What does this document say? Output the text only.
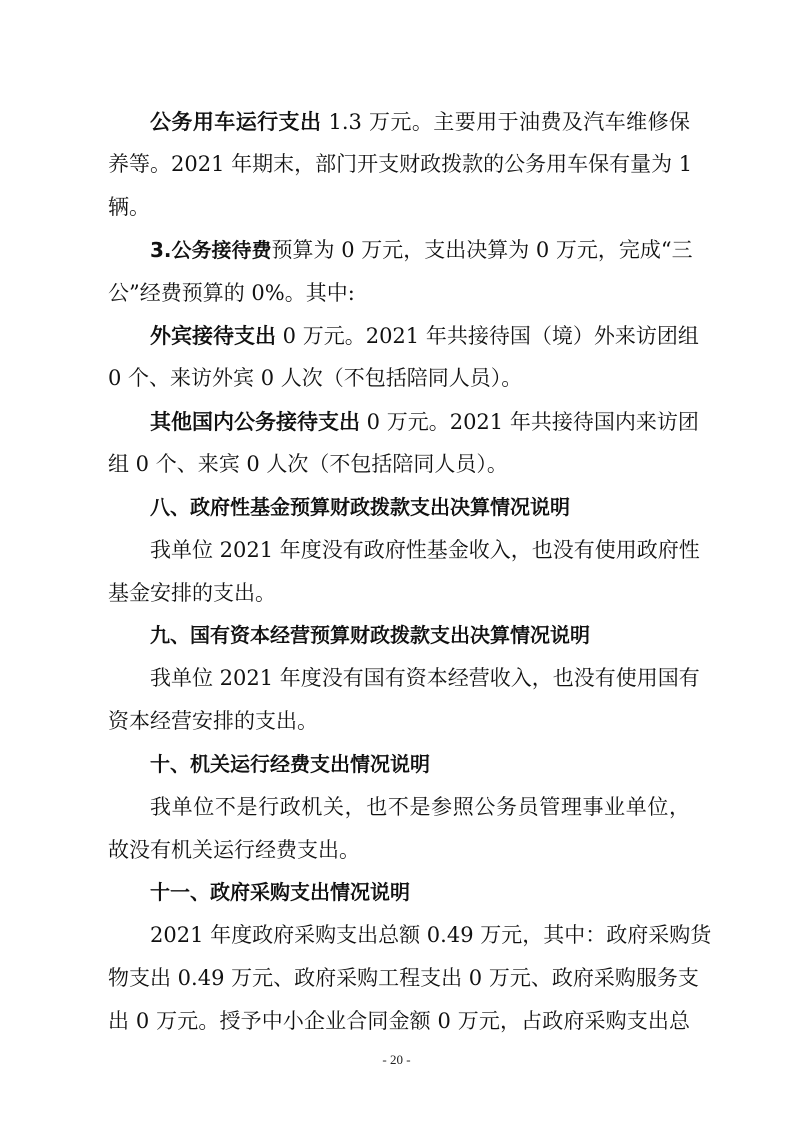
公务用车运行支出 1.3 万元。主要用于油费及汽车维修保
养等。2021 年期末，部门开支财政拨款的公务用车保有量为 1
辆。
3.公务接待费预算为 0 万元，支出决算为 0 万元，完成“三
公”经费预算的 0%。其中:
外宾接待支出 0 万元。2021 年共接待国（境）外来访团组
0 个、来访外宾 0 人次（不包括陪同人员）。
其他国内公务接待支出 0 万元。2021 年共接待国内来访团
组 0 个、来宾 0 人次（不包括陪同人员）。
八、政府性基金预算财政拨款支出决算情况说明
我单位 2021 年度没有政府性基金收入，也没有使用政府性
基金安排的支出。
九、国有资本经营预算财政拨款支出决算情况说明
我单位 2021 年度没有国有资本经营收入，也没有使用国有
资本经营安排的支出。
十、机关运行经费支出情况说明
我单位不是行政机关，也不是参照公务员管理事业单位，
故没有机关运行经费支出。
十一、政府采购支出情况说明
2021 年度政府采购支出总额 0.49 万元，其中：政府采购货
物支出 0.49 万元、政府采购工程支出 0 万元、政府采购服务支
出 0 万元。授予中小企业合同金额 0 万元，占政府采购支出总
- 20 -
